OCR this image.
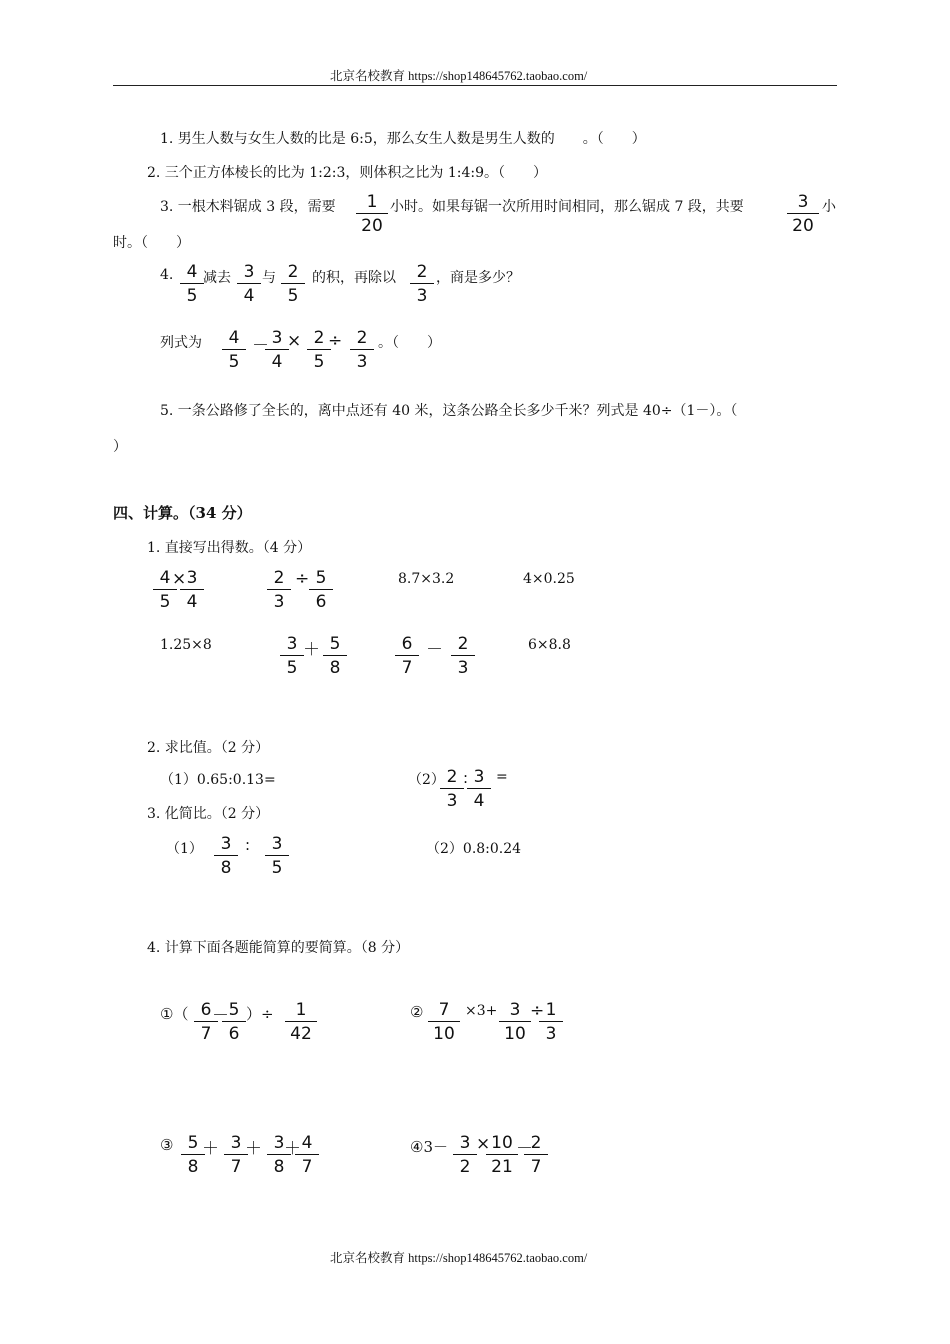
北京名校教育 https://shop148645762.taobao.com/
北京名校教育 https://shop148645762.taobao.com/
1. 男生人数与女生人数的比是 6:5，那么女生人数是男生人数的　　。（　　）
2. 三个正方体棱长的比为 1:2:3，则体积之比为 1:4:9。（　　）
3. 一根木料锯成 3 段，需要	1
20
小时。如果每锯一次所用时间相同，那么锯成 7 段，共要	3
20
小
时。（　　）
4. 4
5
减去 3
4
与 2
5
的积，再除以	2
3
，商是多少？
列式为	4
5
－ 3
4
× 2
5
÷ 2
3
。（　　）
5. 一条公路修了全长的，离中点还有 40 米，这条公路全长多少千米？列式是 40÷（1－）。（
）
四、计算。（34 分）
1. 直接写出得数。（4 分）
4
5
× 3
4
2
3
÷ 5
6
8.7×3.2	4×0.25
1.25×8	3
5
＋ 5
8
6
7
－ 2
3
6×8.8
2. 求比值。（2 分）
（1）0.65:0.13=	（2） 2
3
: 3
4
=
3. 化简比。（2 分）
（1）	3
8
:	3
5
（2）0.8:0.24
4. 计算下面各题能简算的要简算。（8 分）
①（ 6
7
－ 5
6
）÷	1
42
② 7
10
×3+ 3
10
÷ 1
3
③ 5
8
＋ 3
7
＋ 3
8
＋ 4
7
④3－ 3
2
× 10
21
－
2
7
